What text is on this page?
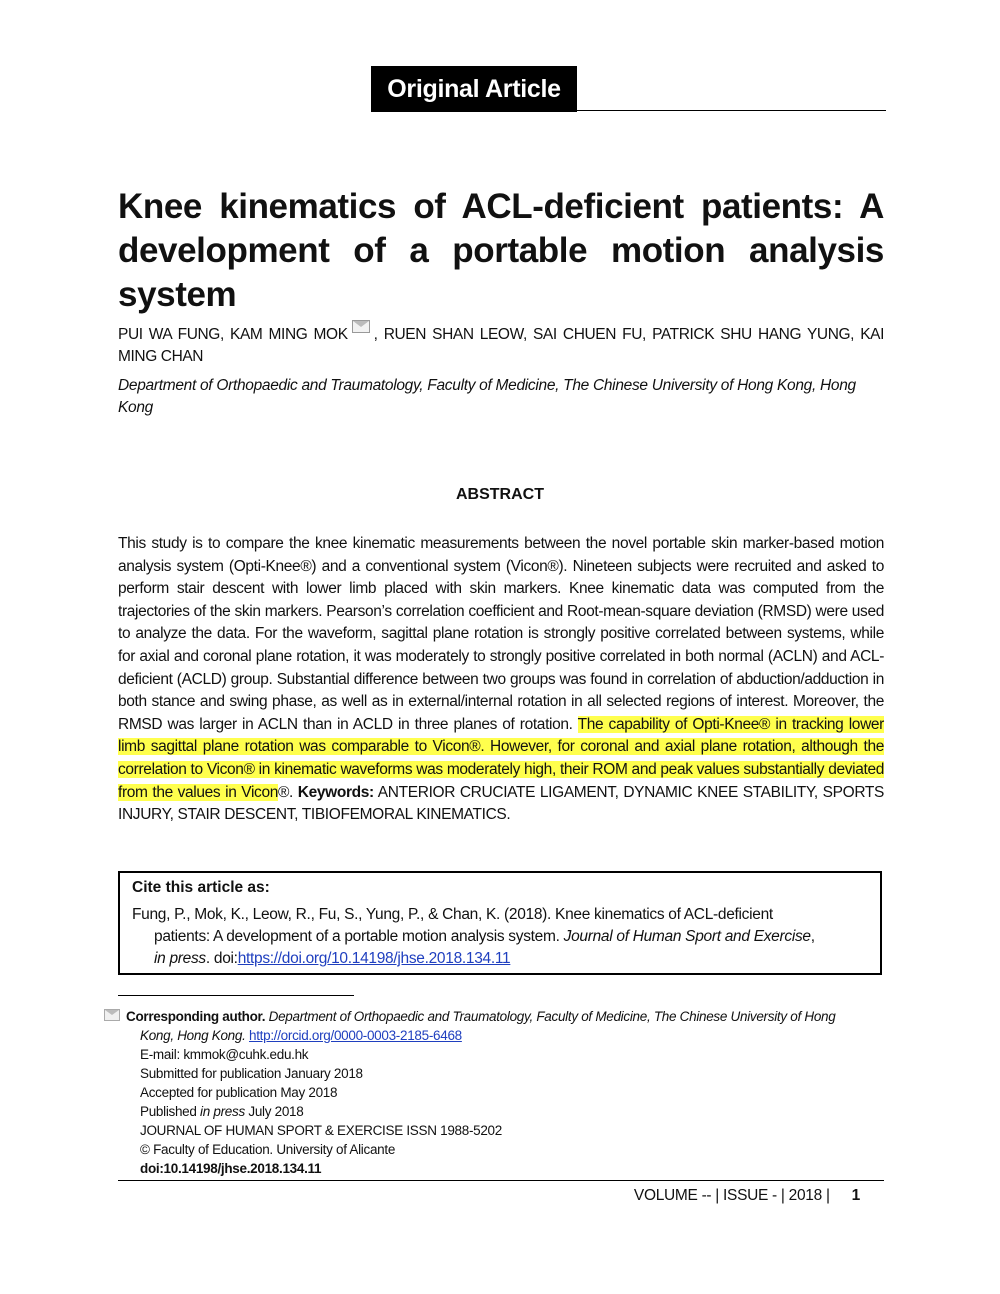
Original Article
Knee kinematics of ACL-deficient patients: A development of a portable motion analysis system
PUI WA FUNG, KAM MING MOK , RUEN SHAN LEOW, SAI CHUEN FU, PATRICK SHU HANG YUNG, KAI MING CHAN
Department of Orthopaedic and Traumatology, Faculty of Medicine, The Chinese University of Hong Kong, Hong Kong
ABSTRACT
This study is to compare the knee kinematic measurements between the novel portable skin marker-based motion analysis system (Opti-Knee®) and a conventional system (Vicon®). Nineteen subjects were recruited and asked to perform stair descent with lower limb placed with skin markers. Knee kinematic data was computed from the trajectories of the skin markers. Pearson’s correlation coefficient and Root-mean-square deviation (RMSD) were used to analyze the data. For the waveform, sagittal plane rotation is strongly positive correlated between systems, while for axial and coronal plane rotation, it was moderately to strongly positive correlated in both normal (ACLN) and ACL-deficient (ACLD) group. Substantial difference between two groups was found in correlation of abduction/adduction in both stance and swing phase, as well as in external/internal rotation in all selected regions of interest. Moreover, the RMSD was larger in ACLN than in ACLD in three planes of rotation. The capability of Opti-Knee® in tracking lower limb sagittal plane rotation was comparable to Vicon®. However, for coronal and axial plane rotation, although the correlation to Vicon® in kinematic waveforms was moderately high, their ROM and peak values substantially deviated from the values in Vicon®. Keywords: ANTERIOR CRUCIATE LIGAMENT, DYNAMIC KNEE STABILITY, SPORTS INJURY, STAIR DESCENT, TIBIOFEMORAL KINEMATICS.
Cite this article as:
Fung, P., Mok, K., Leow, R., Fu, S., Yung, P., & Chan, K. (2018). Knee kinematics of ACL-deficient
patients: A development of a portable motion analysis system. Journal of Human Sport and Exercise,
in press. doi:https://doi.org/10.14198/jhse.2018.134.11
Corresponding author. Department of Orthopaedic and Traumatology, Faculty of Medicine, The Chinese University of Hong
Kong, Hong Kong. http://orcid.org/0000-0003-2185-6468
E-mail: kmmok@cuhk.edu.hk
Submitted for publication January 2018
Accepted for publication May 2018
Published in press July 2018
JOURNAL OF HUMAN SPORT & EXERCISE ISSN 1988-5202
© Faculty of Education. University of Alicante
doi:10.14198/jhse.2018.134.11
VOLUME -- | ISSUE - | 2018 | 1
